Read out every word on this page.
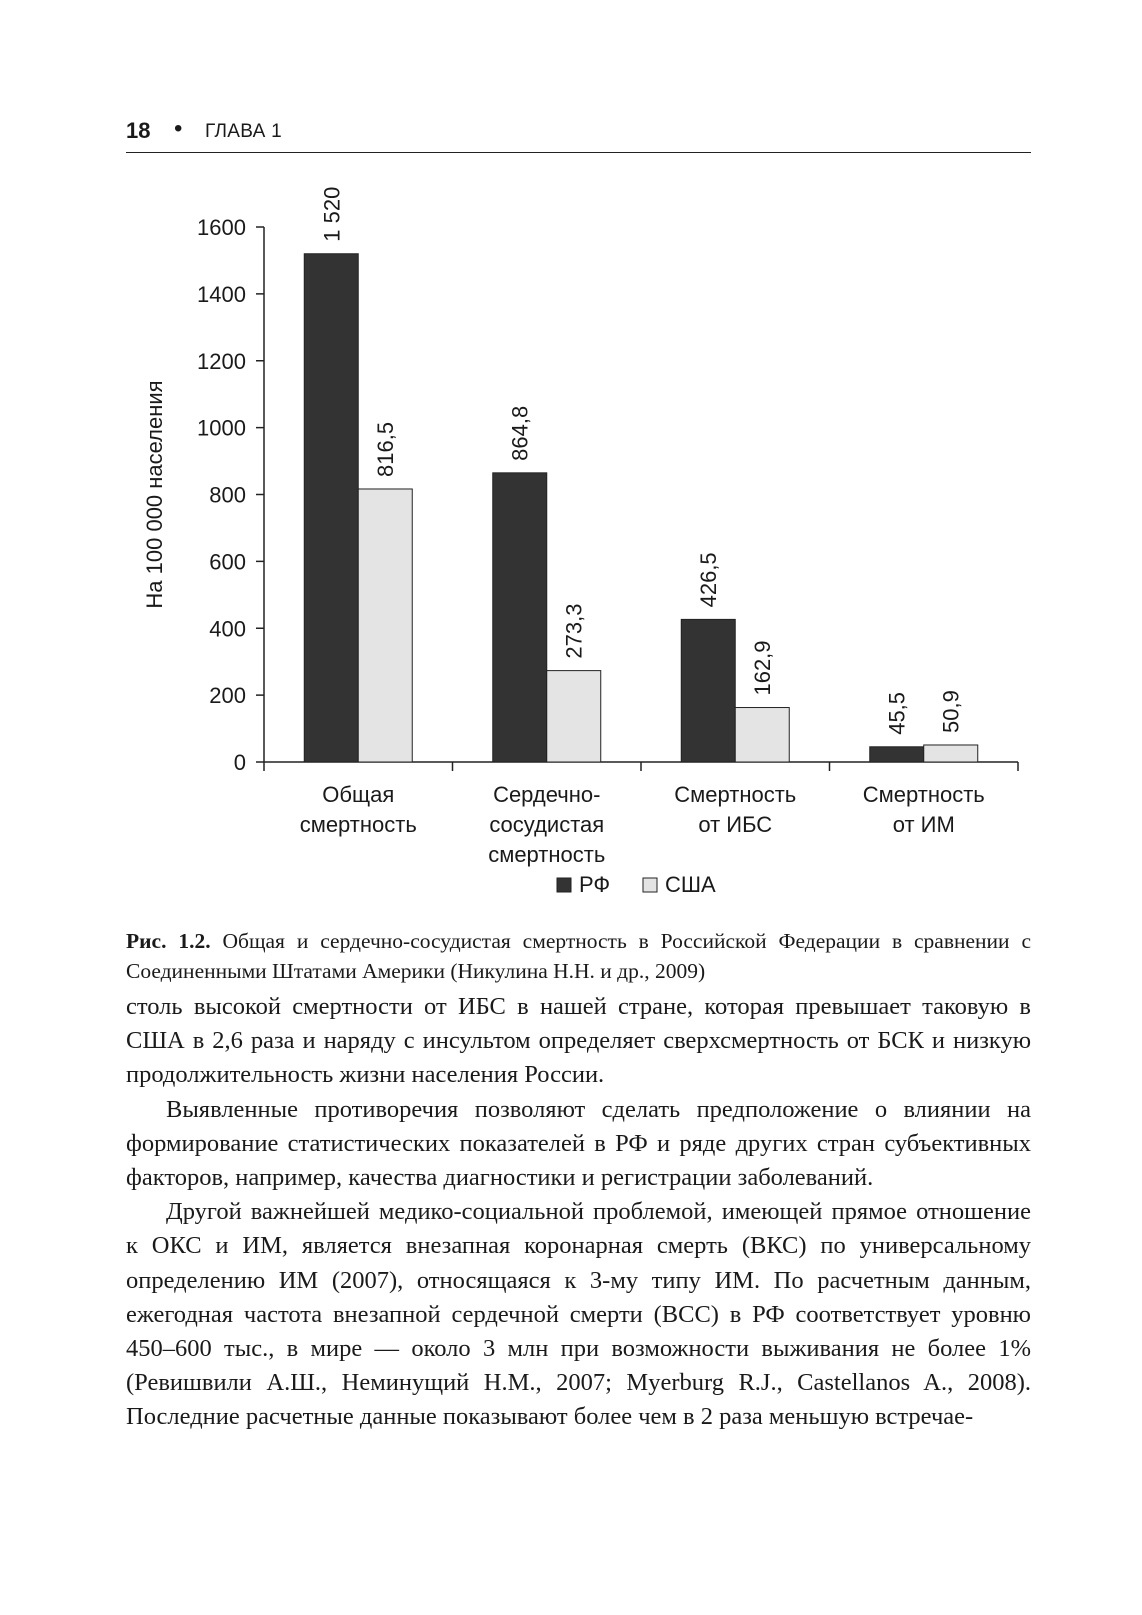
18 • ГЛАВА 1
0
200
400
600
800
1000
1200
1400
1600
На 100 000 населения
1 520
816,5	864,8
273,3
426,5
162,9
45,5 50,9
Общая
смертность
Сердечно-
сосудистая
смертность
Смертность
от ИБС
Смертность
от ИМ
РФ США
Рис. 1.2. Общая и сердечно-сосудистая смертность в Российской Федерации в сравнении с Соединенными Штатами Америки (Никулина Н.Н. и др., 2009)

столь высокой смертности от ИБС в нашей стране, которая превышает таковую в США в 2,6 раза и наряду с инсультом определяет сверхсмертность от БСК и низкую продолжительность жизни населения России.

Выявленные противоречия позволяют сделать предположение о влиянии на формирование статистических показателей в РФ и ряде других стран субъективных факторов, например, качества диагностики и регистрации заболеваний.

Другой важнейшей медико-социальной проблемой, имеющей прямое отношение к ОКС и ИМ, является внезапная коронарная смерть (ВКС) по универсальному определению ИМ (2007), относящаяся к 3-му типу ИМ. По расчетным данным, ежегодная частота внезапной сердечной смерти (ВСС) в РФ соответствует уровню 450–600 тыс., в мире — около 3 млн при возможности выживания не более 1% (Ревишвили А.Ш., Неминущий Н.М., 2007; Myerburg R.J., Castellanos A., 2008). Последние расчетные данные показывают более чем в 2 раза меньшую встречае-
